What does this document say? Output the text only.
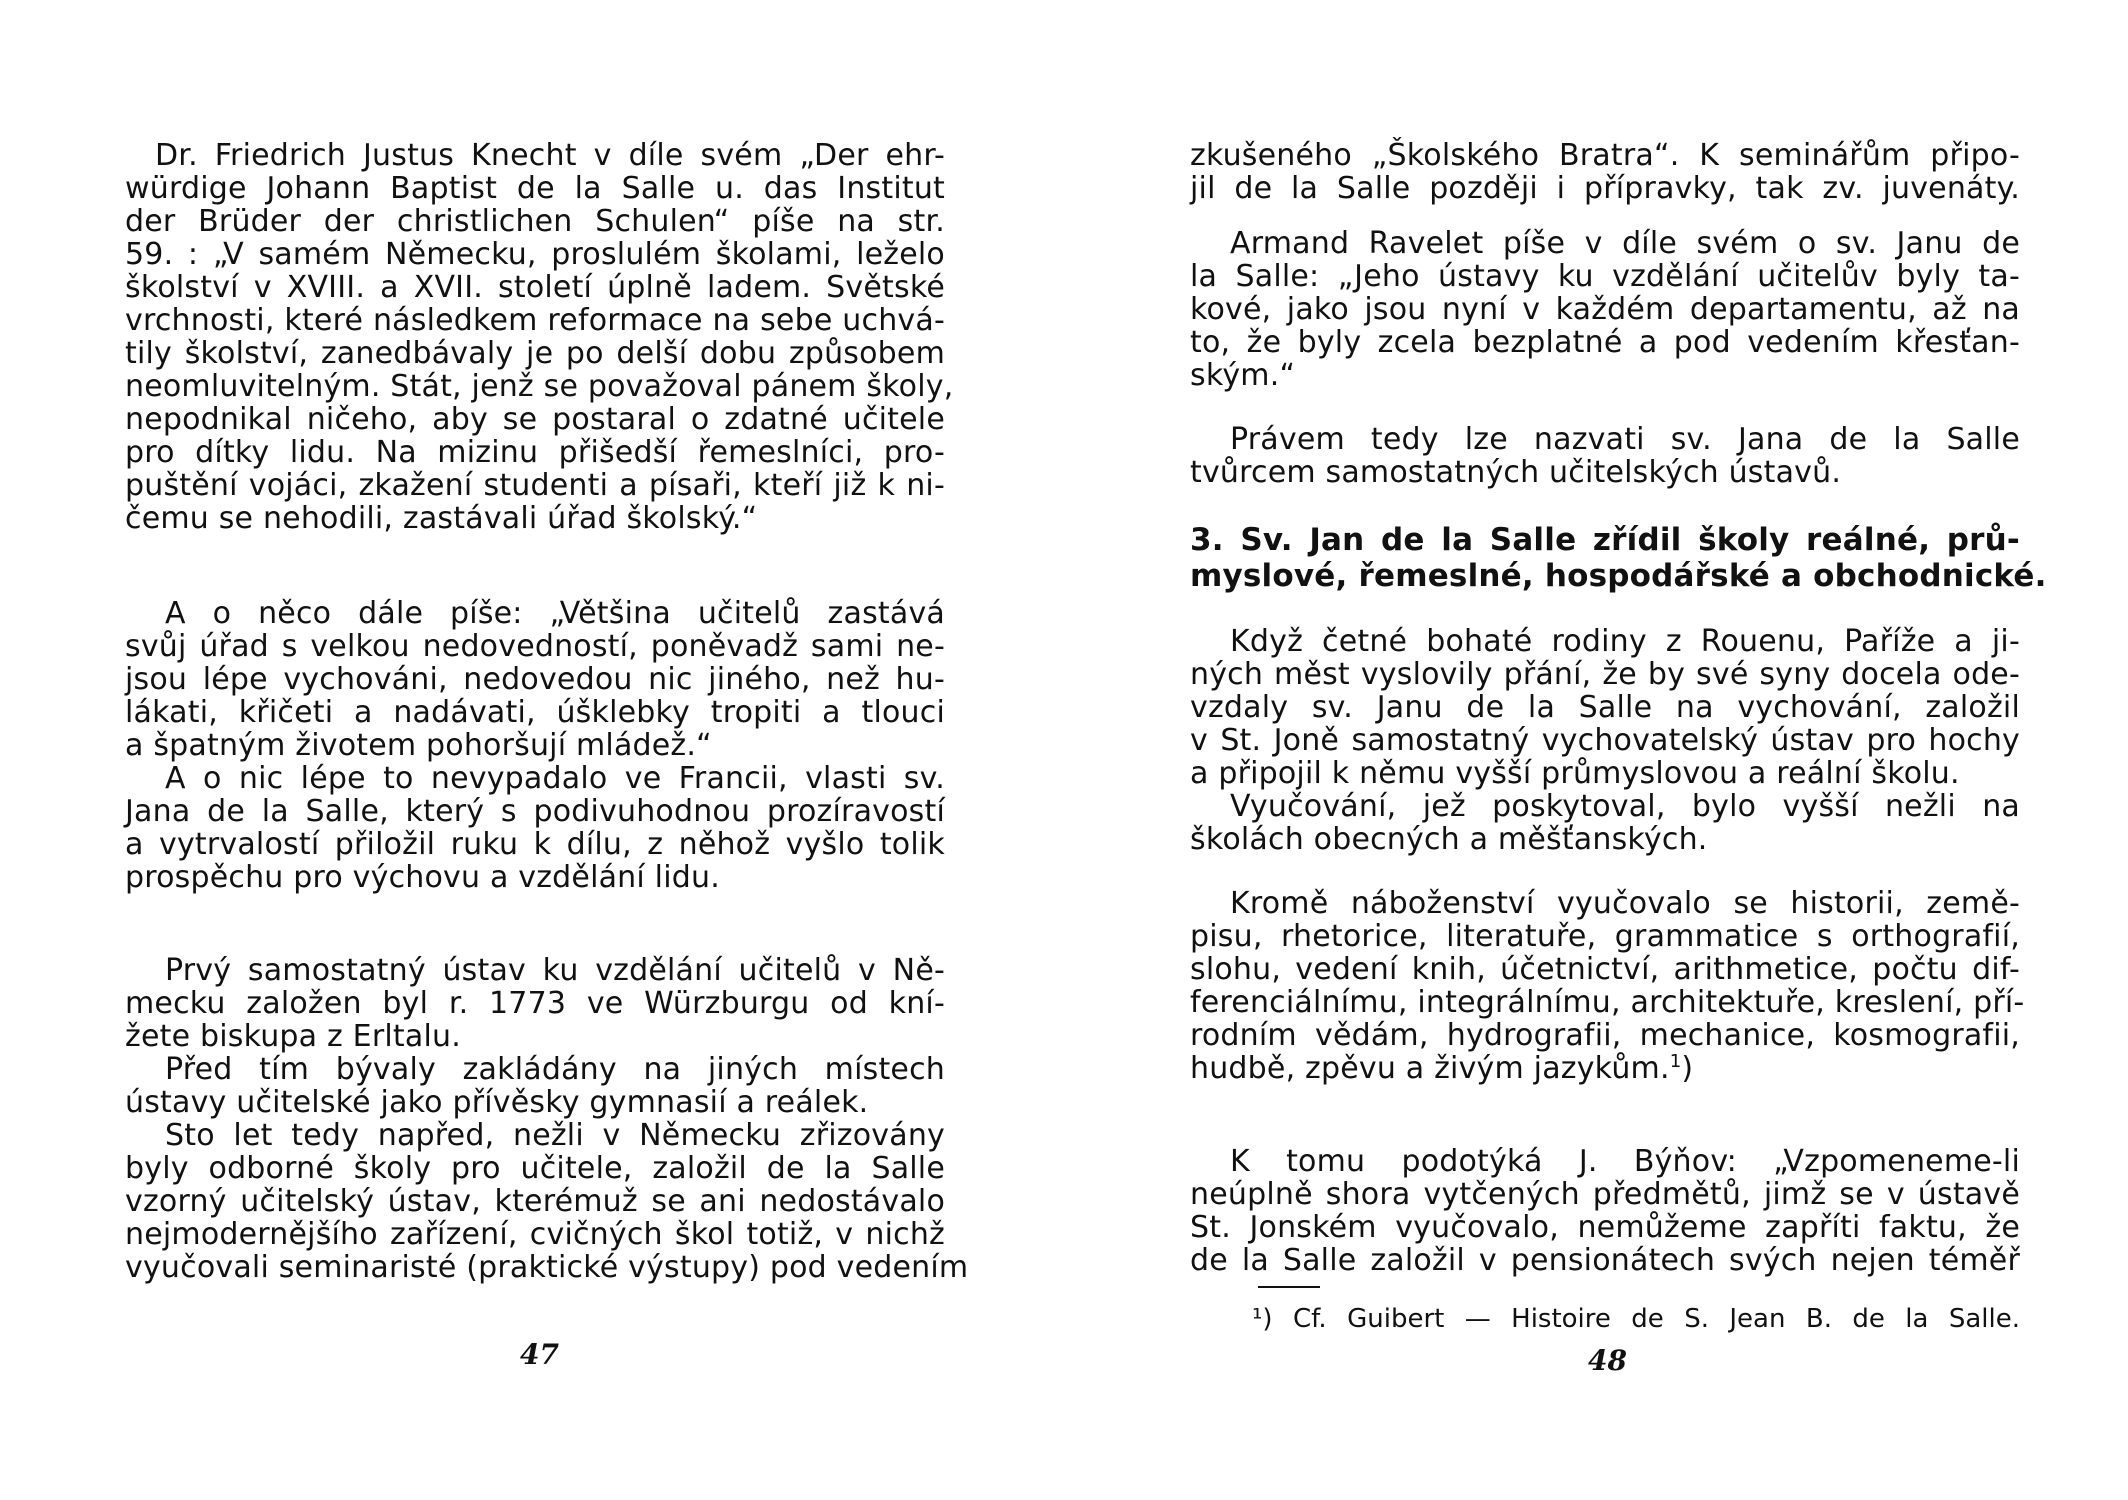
Dr. Friedrich Justus Knecht v díle svém „Der ehr-
würdige Johann Baptist de la Salle u. das Institut
der Brüder der christlichen Schulen“ píše na str.
59. : „V samém Německu, proslulém školami, leželo
školství v XVIII. a XVII. století úplně ladem. Světské
vrchnosti, které následkem reformace na sebe uchvá-
tily školství, zanedbávaly je po delší dobu způsobem
neomluvitelným. Stát, jenž se považoval pánem školy,
nepodnikal ničeho, aby se postaral o zdatné učitele
pro dítky lidu. Na mizinu přišedší řemeslníci, pro-
puštění vojáci, zkažení studenti a písaři, kteří již k ni-
čemu se nehodili, zastávali úřad školský.“
A o něco dále píše: „Většina učitelů zastává
svůj úřad s velkou nedovedností, poněvadž sami ne-
jsou lépe vychováni, nedovedou nic jiného, než hu-
lákati, křičeti a nadávati, úšklebky tropiti a tlouci
a špatným životem pohoršují mládež.“
A o nic lépe to nevypadalo ve Francii, vlasti sv.
Jana de la Salle, který s podivuhodnou prozíravostí
a vytrvalostí přiložil ruku k dílu, z něhož vyšlo tolik
prospěchu pro výchovu a vzdělání lidu.
Prvý samostatný ústav ku vzdělání učitelů v Ně-
mecku založen byl r. 1773 ve Würzburgu od kní-
žete biskupa z Erltalu.
Před tím bývaly zakládány na jiných místech
ústavy učitelské jako přívěsky gymnasií a reálek.
Sto let tedy napřed, nežli v Německu zřizovány
byly odborné školy pro učitele, založil de la Salle
vzorný učitelský ústav, kterémuž se ani nedostávalo
nejmodernějšího zařízení, cvičných škol totiž, v nichž
vyučovali seminaristé (praktické výstupy) pod vedením
47
zkušeného „Školského Bratra“. K seminářům připo-
jil de la Salle později i přípravky, tak zv. juvenáty.
Armand Ravelet píše v díle svém o sv. Janu de
la Salle: „Jeho ústavy ku vzdělání učitelův byly ta-
kové, jako jsou nyní v každém departamentu, až na
to, že byly zcela bezplatné a pod vedením křesťan-
ským.“
Právem tedy lze nazvati sv. Jana de la Salle
tvůrcem samostatných učitelských ústavů.
3. Sv. Jan de la Salle zřídil školy reálné, prů-
myslové, řemeslné, hospodářské a obchodnické.
Když četné bohaté rodiny z Rouenu, Paříže a ji-
ných měst vyslovily přání, že by své syny docela ode-
vzdaly sv. Janu de la Salle na vychování, založil
v St. Joně samostatný vychovatelský ústav pro hochy
a připojil k němu vyšší průmyslovou a reální školu.
Vyučování, jež poskytoval, bylo vyšší nežli na
školách obecných a měšťanských.
Kromě náboženství vyučovalo se historii, země-
pisu, rhetorice, literatuře, grammatice s orthografií,
slohu, vedení knih, účetnictví, arithmetice, počtu dif-
ferenciálnímu, integrálnímu, architektuře, kreslení, pří-
rodním vědám, hydrografii, mechanice, kosmografii,
hudbě, zpěvu a živým jazykům.$^1$)
K tomu podotýká J. Býňov: „Vzpomeneme-li
neúplně shora vytčených předmětů, jimž se v ústavě
St. Jonském vyučovalo, nemůžeme zapříti faktu, že
de la Salle založil v pensionátech svých nejen téměř
¹) Cf. Guibert — Histoire de S. Jean B. de la Salle.
48
